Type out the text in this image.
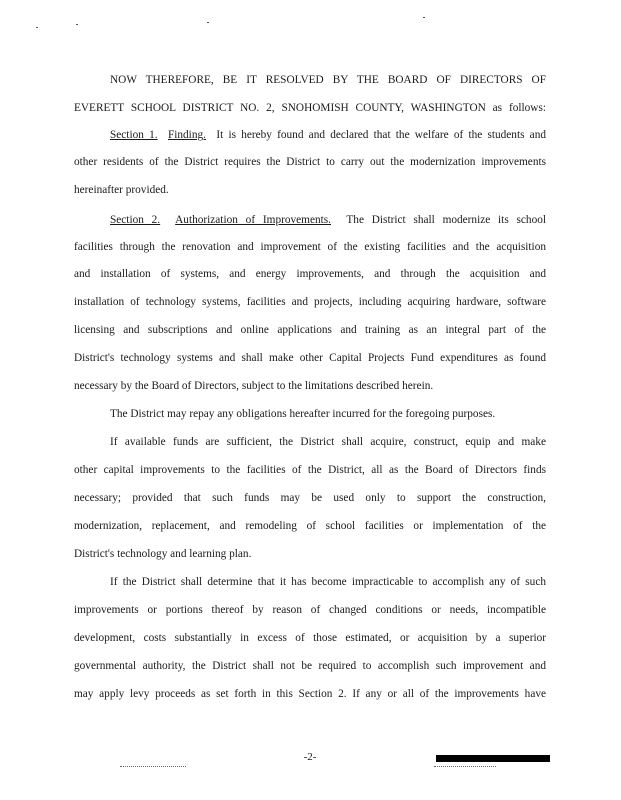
NOW THEREFORE, BE IT RESOLVED BY THE BOARD OF DIRECTORS OF
EVERETT SCHOOL DISTRICT NO. 2, SNOHOMISH COUNTY, WASHINGTON as follows:
Section 1. Finding. It is hereby found and declared that the welfare of the students and
other residents of the District requires the District to carry out the modernization improvements
hereinafter provided.
Section 2. Authorization of Improvements. The District shall modernize its school
facilities through the renovation and improvement of the existing facilities and the acquisition
and installation of systems, and energy improvements, and through the acquisition and
installation of technology systems, facilities and projects, including acquiring hardware, software
licensing and subscriptions and online applications and training as an integral part of the
District's technology systems and shall make other Capital Projects Fund expenditures as found
necessary by the Board of Directors, subject to the limitations described herein.
The District may repay any obligations hereafter incurred for the foregoing purposes.
If available funds are sufficient, the District shall acquire, construct, equip and make
other capital improvements to the facilities of the District, all as the Board of Directors finds
necessary; provided that such funds may be used only to support the construction,
modernization, replacement, and remodeling of school facilities or implementation of the
District's technology and learning plan.
If the District shall determine that it has become impracticable to accomplish any of such
improvements or portions thereof by reason of changed conditions or needs, incompatible
development, costs substantially in excess of those estimated, or acquisition by a superior
governmental authority, the District shall not be required to accomplish such improvement and
may apply levy proceeds as set forth in this Section 2. If any or all of the improvements have
-2-
